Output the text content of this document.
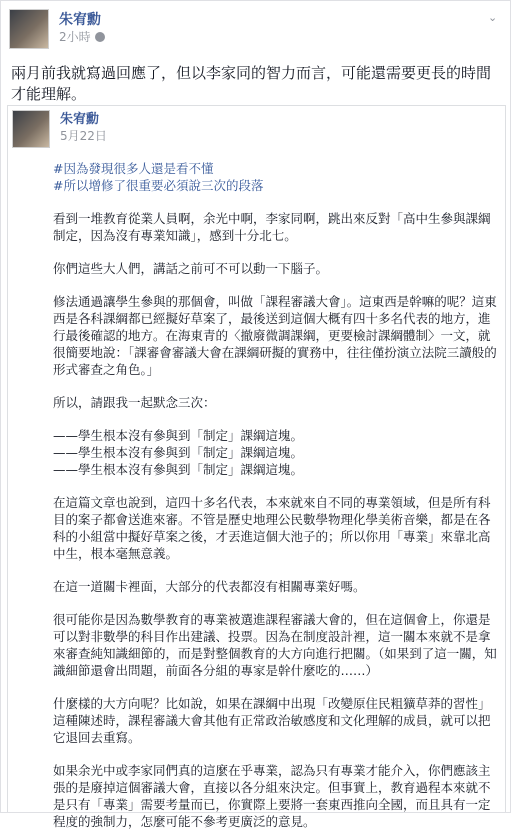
朱宥勳
2小時
⌄
兩月前我就寫過回應了，但以李家同的智力而言，可能還需要更長的時間才能理解。
朱宥勳
5月22日

#因為發現很多人還是看不懂

#所以增修了很重要必須說三次的段落

看到一堆教育從業人員啊，余光中啊，李家同啊，跳出來反對「高中生參與課綱制定，因為沒有專業知識」，感到十分北七。

你們這些大人們，講話之前可不可以動一下腦子。

修法通過讓學生參與的那個會，叫做「課程審議大會」。這東西是幹嘛的呢？這東西是各科課綱都已經擬好草案了，最後送到這個大概有四十多名代表的地方，進行最後確認的地方。在海東青的〈撤廢微調課綱，更要檢討課綱體制〉一文，就很簡要地說：「課審會審議大會在課綱研擬的實務中，往往僅扮演立法院三讀般的形式審查之角色。」

所以，請跟我一起默念三次：

——學生根本沒有參與到「制定」課綱這塊。
——學生根本沒有參與到「制定」課綱這塊。
——學生根本沒有參與到「制定」課綱這塊。

在這篇文章也說到，這四十多名代表，本來就來自不同的專業領域，但是所有科目的案子都會送進來審。不管是歷史地理公民數學物理化學美術音樂，都是在各科的小組當中擬好草案之後，才丟進這個大池子的；所以你用「專業」來靠北高中生，根本毫無意義。

在這一道關卡裡面，大部分的代表都沒有相關專業好嗎。

很可能你是因為數學教育的專業被選進課程審議大會的，但在這個會上，你還是可以對非數學的科目作出建議、投票。因為在制度設計裡，這一關本來就不是拿來審查純知識細節的，而是對整個教育的大方向進行把關。（如果到了這一關，知識細節還會出問題，前面各分組的專家是幹什麼吃的……）

什麼樣的大方向呢？比如說，如果在課綱中出現「改變原住民粗獷草莽的習性」這種陳述時，課程審議大會其他有正常政治敏感度和文化理解的成員，就可以把它退回去重寫。

如果余光中或李家同們真的這麼在乎專業，認為只有專業才能介入，你們應該主張的是廢掉這個審議大會，直接以各分組來決定。但事實上，教育過程本來就不是只有「專業」需要考量而已，你實際上要將一套東西推向全國，而且具有一定程度的強制力，怎麼可能不參考更廣泛的意見。
